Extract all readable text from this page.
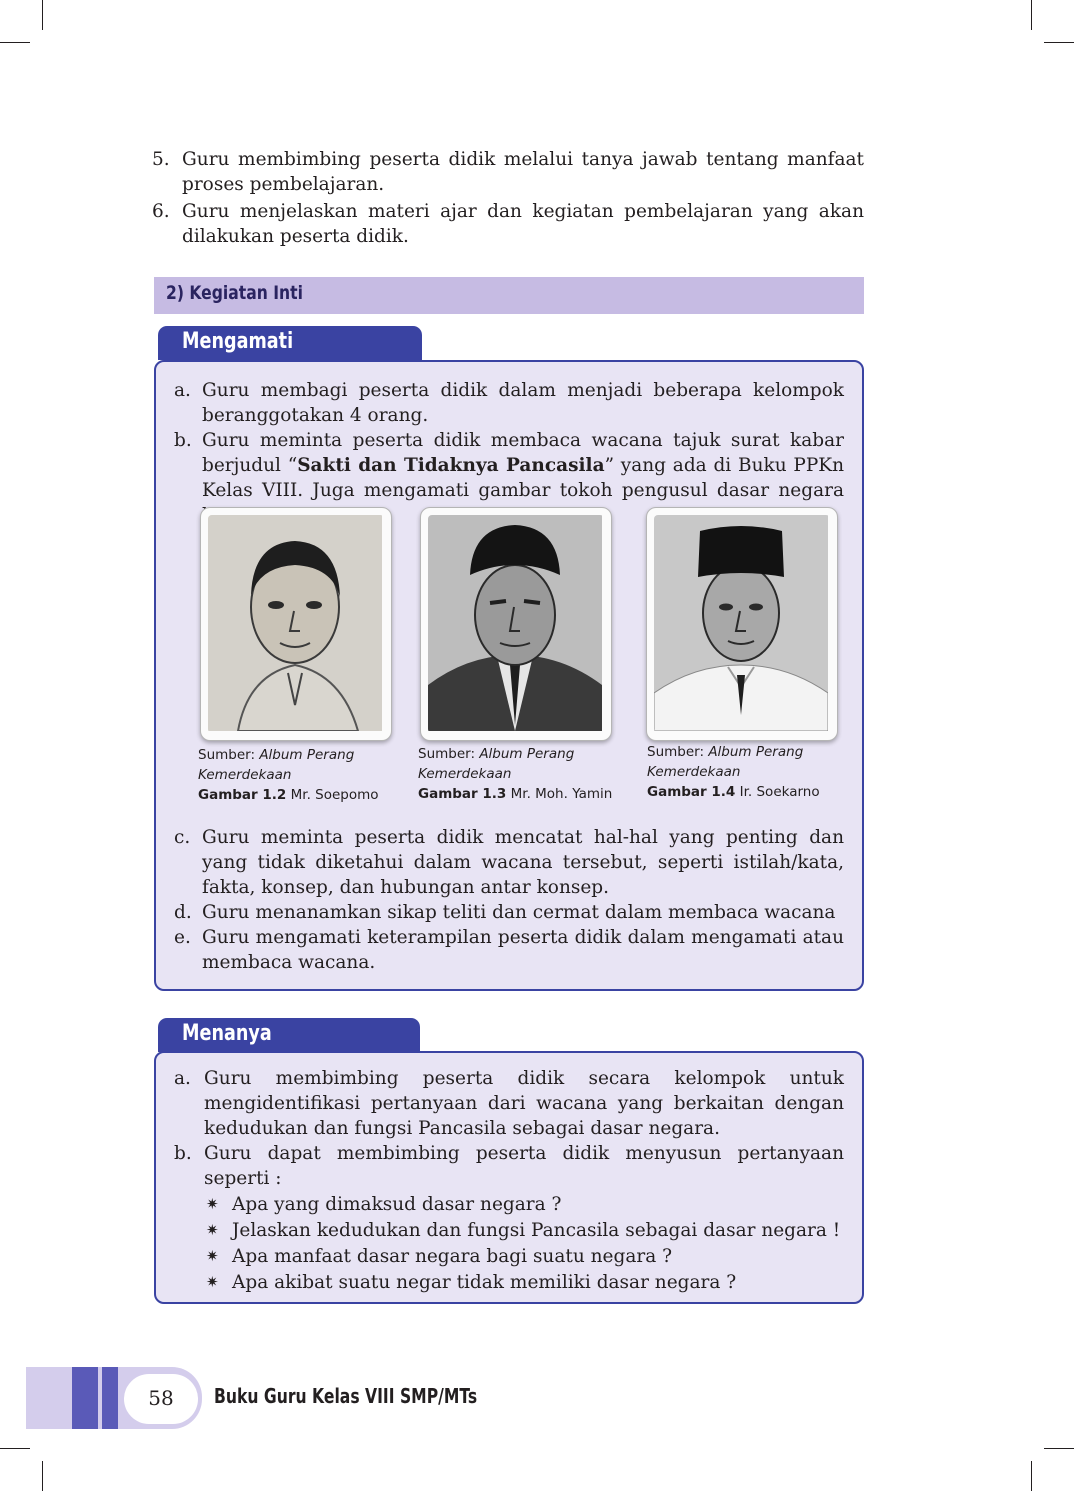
5. Guru membimbing peserta didik melalui tanya jawab tentang manfaat proses pembelajaran.
6. Guru menjelaskan materi ajar dan kegiatan pembelajaran yang akan dilakukan peserta didik.
2) Kegiatan Inti
Mengamati
a. Guru membagi peserta didik dalam menjadi beberapa kelompok beranggotakan 4 orang.
b. Guru meminta peserta didik membaca wacana tajuk surat kabar berjudul “Sakti dan Tidaknya Pancasila” yang ada di Buku PPKn Kelas VIII. Juga mengamati gambar tokoh pengusul dasar negara
Sumber: Album Perang Kemerdekaan
Gambar 1.2 Mr. Soepomo
Sumber: Album Perang Kemerdekaan
Gambar 1.3 Mr. Moh. Yamin
Sumber: Album Perang Kemerdekaan
Gambar 1.4 Ir. Soekarno
c. Guru meminta peserta didik mencatat hal-hal yang penting dan yang tidak diketahui dalam wacana tersebut, seperti istilah/kata, fakta, konsep, dan hubungan antar konsep.
d. Guru menanamkan sikap teliti dan cermat dalam membaca wacana
e. Guru mengamati keterampilan peserta didik dalam mengamati atau membaca wacana.
Menanya
a. Guru membimbing peserta didik secara kelompok untuk mengidentifikasi pertanyaan dari wacana yang berkaitan dengan kedudukan dan fungsi Pancasila sebagai dasar negara.
b. Guru dapat membimbing peserta didik menyusun pertanyaan seperti :
✷ Apa yang dimaksud dasar negara ?
✷ Jelaskan kedudukan dan fungsi Pancasila sebagai dasar negara !
✷ Apa manfaat dasar negara bagi suatu negara ?
✷ Apa akibat suatu negar tidak memiliki dasar negara ?
58	Buku Guru Kelas VIII SMP/MTs
